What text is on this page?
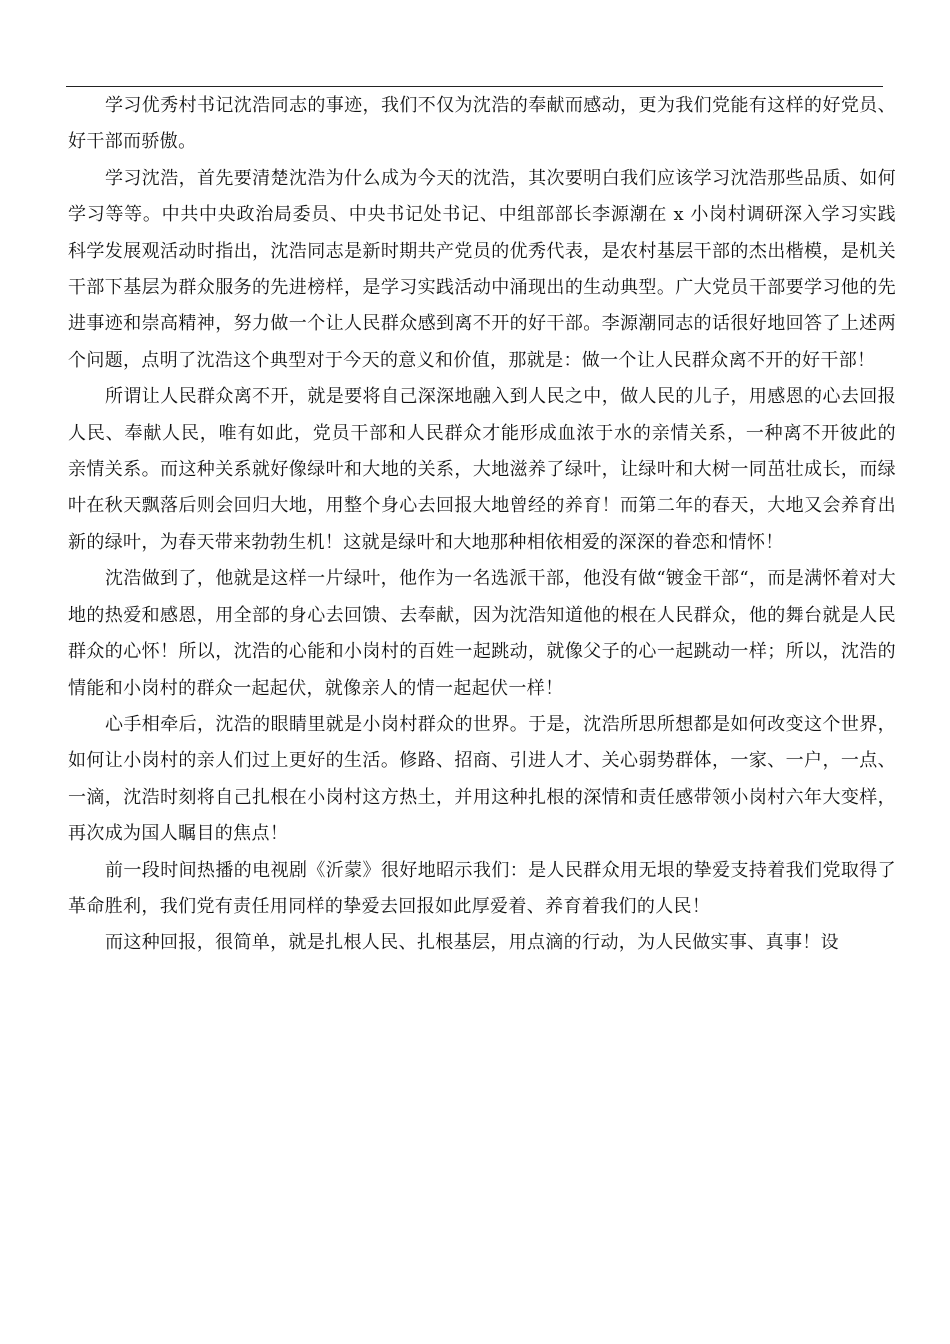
学习优秀村书记沈浩同志的事迹，我们不仅为沈浩的奉献而感动，更为我们党能有这样的好党员、好干部而骄傲。

学习沈浩，首先要清楚沈浩为什么成为今天的沈浩，其次要明白我们应该学习沈浩那些品质、如何学习等等。中共中央政治局委员、中央书记处书记、中组部部长李源潮在 x 小岗村调研深入学习实践科学发展观活动时指出，沈浩同志是新时期共产党员的优秀代表，是农村基层干部的杰出楷模，是机关干部下基层为群众服务的先进榜样，是学习实践活动中涌现出的生动典型。广大党员干部要学习他的先进事迹和崇高精神，努力做一个让人民群众感到离不开的好干部。李源潮同志的话很好地回答了上述两个问题，点明了沈浩这个典型对于今天的意义和价值，那就是：做一个让人民群众离不开的好干部！

所谓让人民群众离不开，就是要将自己深深地融入到人民之中，做人民的儿子，用感恩的心去回报人民、奉献人民，唯有如此，党员干部和人民群众才能形成血浓于水的亲情关系，一种离不开彼此的  亲情关系。而这种关系就好像绿叶和大地的关系，大地滋养了绿叶，让绿叶和大树一同茁壮成长，而绿叶在秋天飘落后则会回归大地，用整个身心去回报大地曾经的养育！而第二年的春天，大地又会养育出新的绿叶，为春天带来勃勃生机！这就是绿叶和大地那种相依相爱的深深的眷恋和情怀！

沈浩做到了，他就是这样一片绿叶，他作为一名选派干部，他没有做“镀金干部“，而是满怀着对大地的热爱和感恩，用全部的身心去回馈、去奉献，因为沈浩知道他的根在人民群众，他的舞台就是人民群众的心怀！所以，沈浩的心能和小岗村的百姓一起跳动，就像父子的心一起跳动一样；所以，沈浩的情能和小岗村的群众一起起伏，就像亲人的情一起起伏一样！

心手相牵后，沈浩的眼睛里就是小岗村群众的世界。于是，沈浩所思所想都是如何改变这个世界，如何让小岗村的亲人们过上更好的生活。修路、招商、引进人才、关心弱势群体，一家、一户，一点、一滴，沈浩时刻将自己扎根在小岗村这方热土，并用这种扎根的深情和责任感带领小岗村六年大变样，再次成为国人瞩目的焦点！

前一段时间热播的电视剧《沂蒙》很好地昭示我们：是人民群众用无垠的挚爱支持着我们党取得了革命胜利，我们党有责任用同样的挚爱去回报如此厚爱着、养育着我们的人民！

而这种回报，很简单，就是扎根人民、扎根基层，用点滴的行动，为人民做实事、真事！设
